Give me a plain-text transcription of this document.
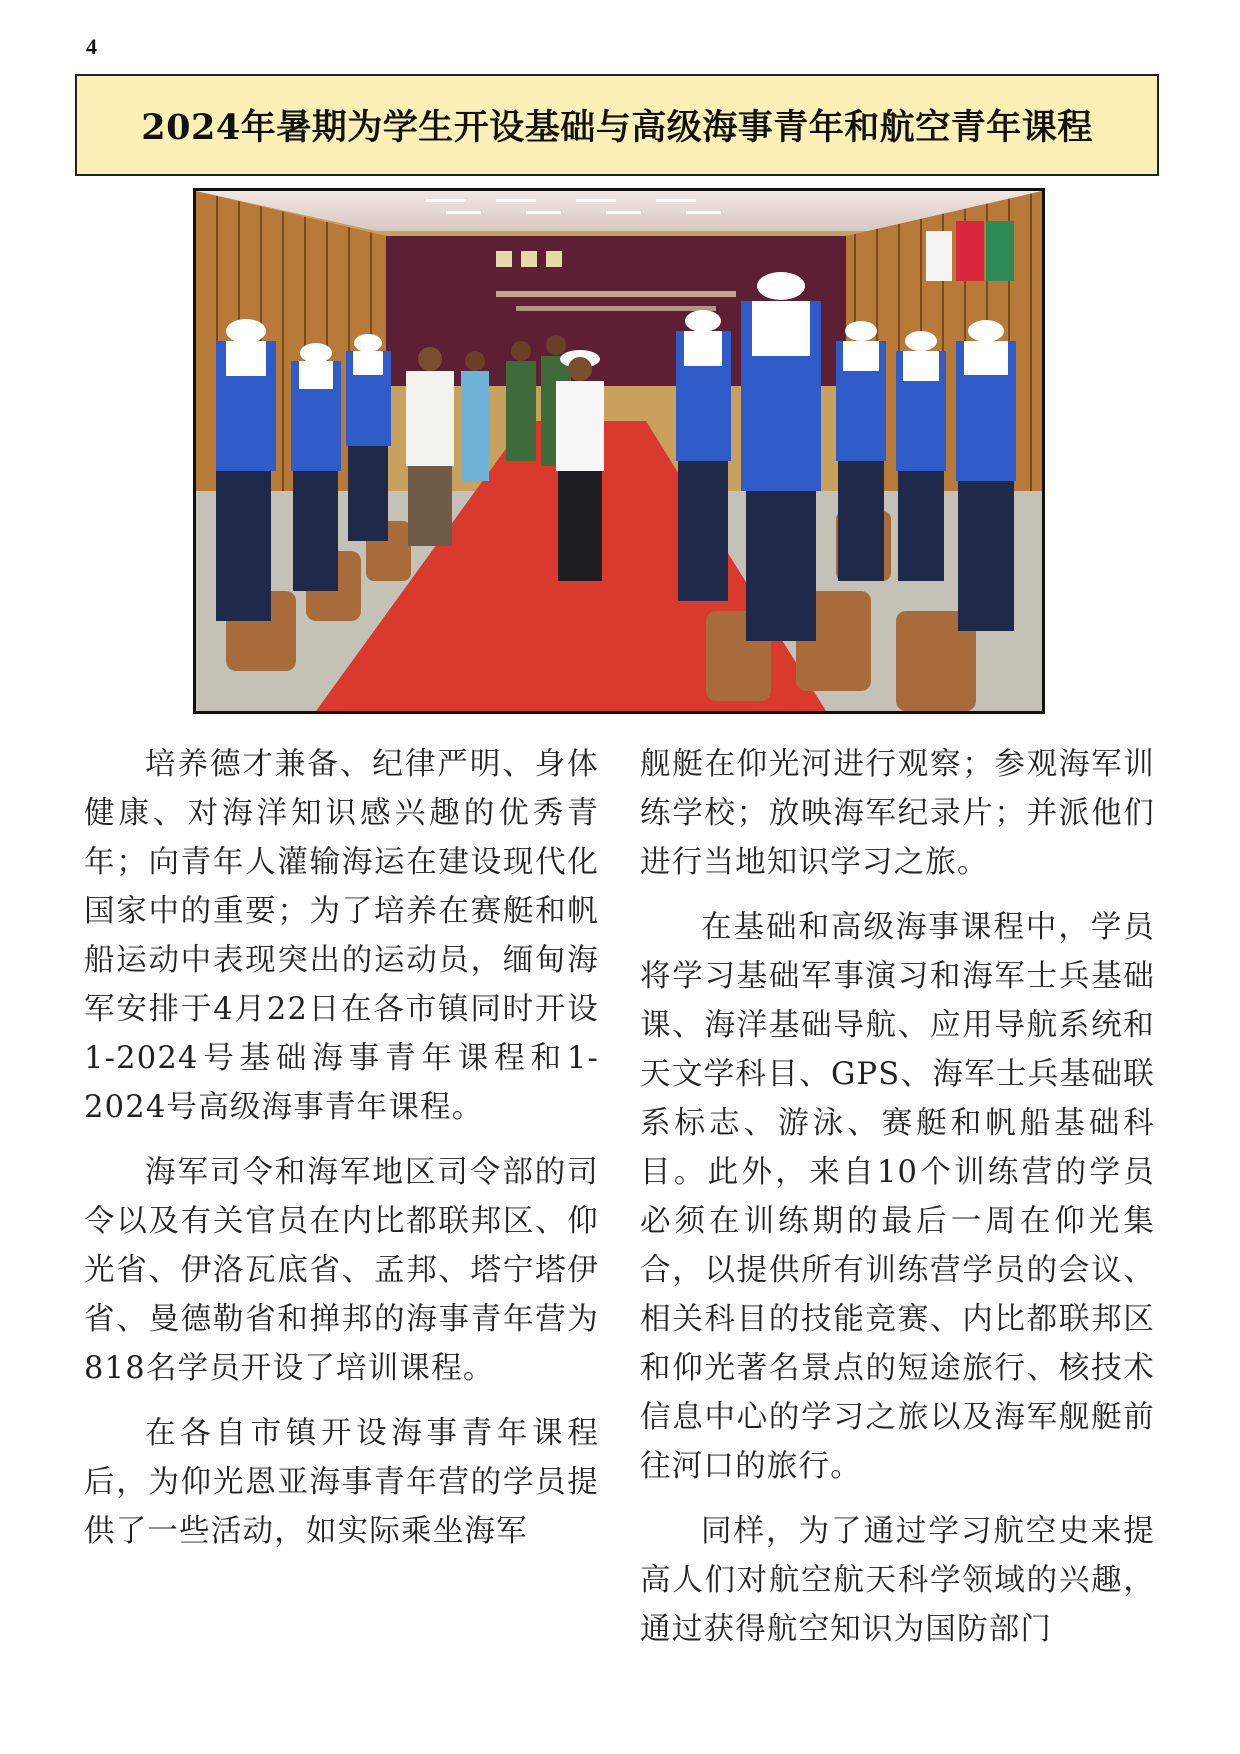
4
2024年暑期为学生开设基础与高级海事青年和航空青年课程

培养德才兼备、纪律严明、身体健康、对海洋知识感兴趣的优秀青年；向青年人灌输海运在建设现代化国家中的重要；为了培养在赛艇和帆船运动中表现突出的运动员，缅甸海军安排于4月22日在各市镇同时开设1-2024号基础海事青年课程和1-2024号高级海事青年课程。

海军司令和海军地区司令部的司令以及有关官员在内比都联邦区、仰光省、伊洛瓦底省、孟邦、塔宁塔伊省、曼德勒省和掸邦的海事青年营为818名学员开设了培训课程。

在各自市镇开设海事青年课程后，为仰光恩亚海事青年营的学员提供了一些活动，如实际乘坐海军

舰艇在仰光河进行观察；参观海军训练学校；放映海军纪录片；并派他们进行当地知识学习之旅。

在基础和高级海事课程中，学员将学习基础军事演习和海军士兵基础课、海洋基础导航、应用导航系统和天文学科目、GPS、海军士兵基础联系标志、游泳、赛艇和帆船基础科目。此外，来自10个训练营的学员必须在训练期的最后一周在仰光集合，以提供所有训练营学员的会议、相关科目的技能竞赛、内比都联邦区和仰光著名景点的短途旅行、核技术信息中心的学习之旅以及海军舰艇前往河口的旅行。

同样，为了通过学习航空史来提高人们对航空航天科学领域的兴趣，通过获得航空知识为国防部门
